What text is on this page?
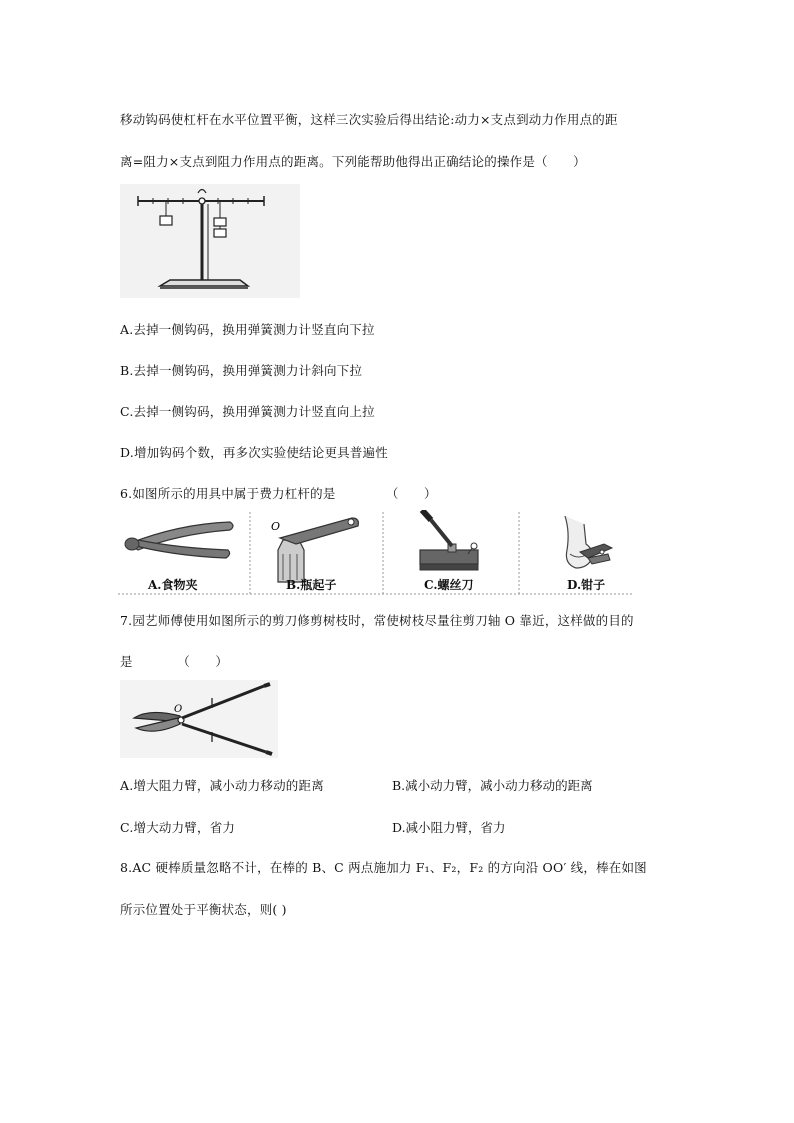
移动钩码使杠杆在水平位置平衡，这样三次实验后得出结论:动力×支点到动力作用点的距
离=阻力×支点到阻力作用点的距离。下列能帮助他得出正确结论的操作是（　　）
A.去掉一侧钩码，换用弹簧测力计竖直向下拉
B.去掉一侧钩码，换用弹簧测力计斜向下拉
C.去掉一侧钩码，换用弹簧测力计竖直向上拉
D.增加钩码个数，再多次实验使结论更具普遍性
6.如图所示的用具中属于费力杠杆的是	（　　）
O
A.食物夹	B.瓶起子	C.螺丝刀	D.钳子
7.园艺师傅使用如图所示的剪刀修剪树枝时，常使树枝尽量往剪刀轴 O 靠近，这样做的目的
是　　　　（　　）
O
A.增大阻力臂，减小动力移动的距离	B.减小动力臂，减小动力移动的距离
C.增大动力臂，省力	D.减小阻力臂，省力
8.AC 硬棒质量忽略不计，在棒的 B、C 两点施加力 F₁、F₂，F₂ 的方向沿 OO′ 线，棒在如图
所示位置处于平衡状态，则( )
